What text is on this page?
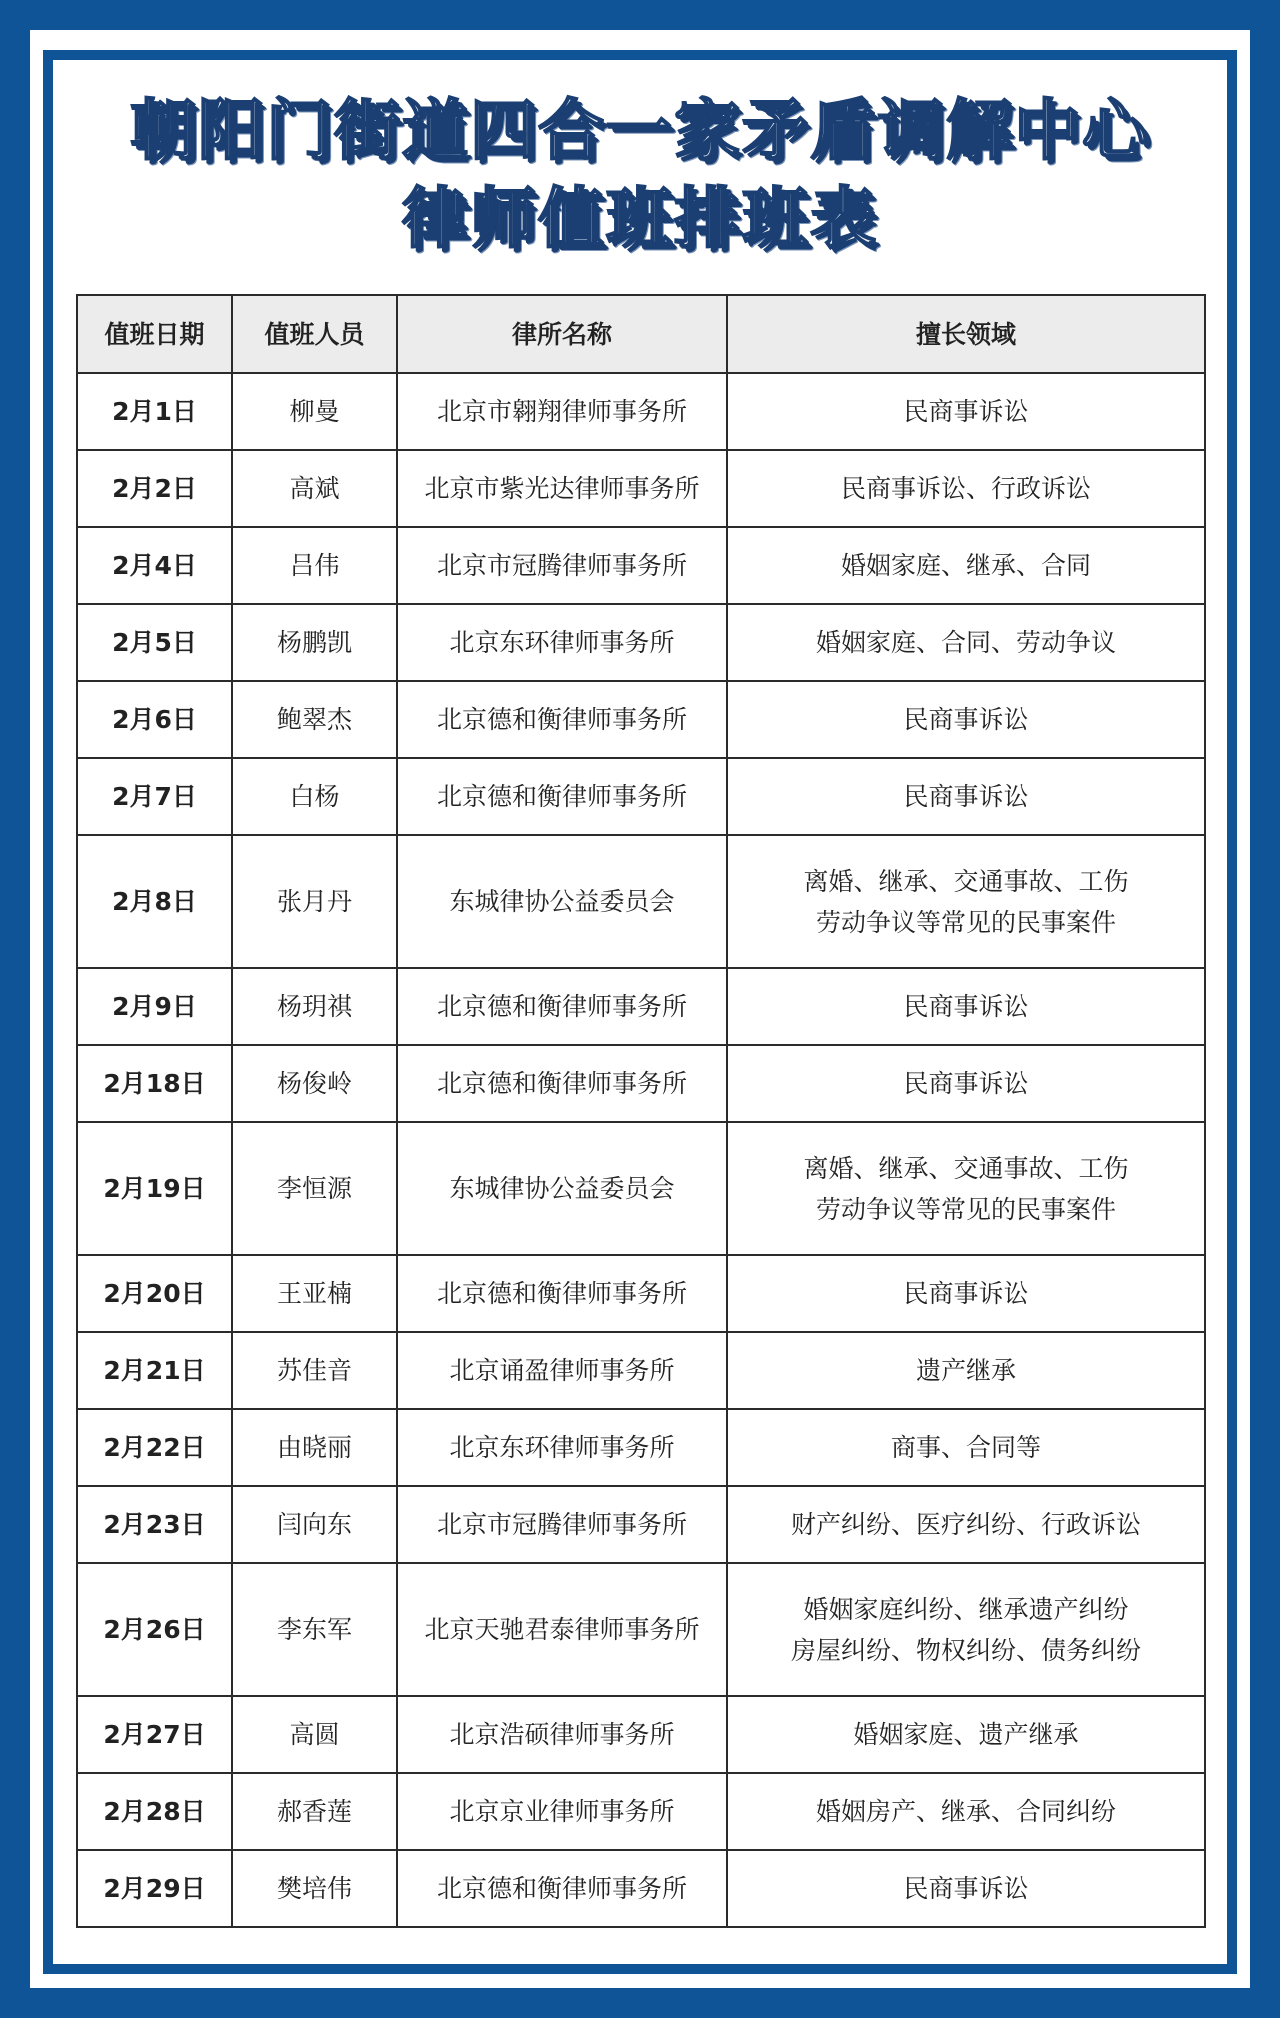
朝阳门街道四合一家矛盾调解中心
律师值班排班表
值班日期	值班人员	律所名称	擅长领域
2月1日	柳曼	北京市翱翔律师事务所	民商事诉讼

2月2日	高斌	北京市紫光达律师事务所	民商事诉讼、行政诉讼

2月4日	吕伟	北京市冠腾律师事务所	婚姻家庭、继承、合同

2月5日	杨鹏凯	北京东环律师事务所	婚姻家庭、合同、劳动争议

2月6日	鲍翠杰	北京德和衡律师事务所	民商事诉讼

2月7日	白杨	北京德和衡律师事务所	民商事诉讼

2月8日	张月丹	东城律协公益委员会	离婚、继承、交通事故、工伤
劳动争议等常见的民事案件

2月9日	杨玥祺	北京德和衡律师事务所	民商事诉讼

2月18日	杨俊岭	北京德和衡律师事务所	民商事诉讼

2月19日	李恒源	东城律协公益委员会	离婚、继承、交通事故、工伤
劳动争议等常见的民事案件

2月20日	王亚楠	北京德和衡律师事务所	民商事诉讼

2月21日	苏佳音	北京诵盈律师事务所	遗产继承

2月22日	由晓丽	北京东环律师事务所	商事、合同等

2月23日	闫向东	北京市冠腾律师事务所	财产纠纷、医疗纠纷、行政诉讼

2月26日	李东军	北京天驰君泰律师事务所	婚姻家庭纠纷、继承遗产纠纷
房屋纠纷、物权纠纷、债务纠纷

2月27日	高圆	北京浩硕律师事务所	婚姻家庭、遗产继承

2月28日	郝香莲	北京京业律师事务所	婚姻房产、继承、合同纠纷

2月29日	樊培伟	北京德和衡律师事务所	民商事诉讼
